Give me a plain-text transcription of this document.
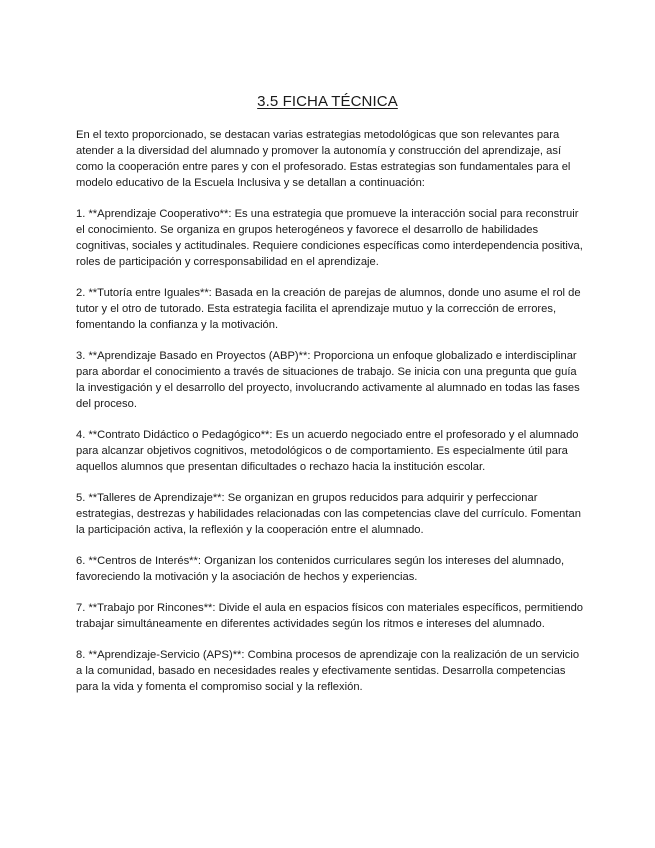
3.5 FICHA TÉCNICA

En el texto proporcionado, se destacan varias estrategias metodológicas que son relevantes para atender a la diversidad del alumnado y promover la autonomía y construcción del aprendizaje, así como la cooperación entre pares y con el profesorado. Estas estrategias son fundamentales para el modelo educativo de la Escuela Inclusiva y se detallan a continuación:

1. **Aprendizaje Cooperativo**: Es una estrategia que promueve la interacción social para reconstruir el conocimiento. Se organiza en grupos heterogéneos y favorece el desarrollo de habilidades cognitivas, sociales y actitudinales. Requiere condiciones específicas como interdependencia positiva, roles de participación y corresponsabilidad en el aprendizaje.

2. **Tutoría entre Iguales**: Basada en la creación de parejas de alumnos, donde uno asume el rol de tutor y el otro de tutorado. Esta estrategia facilita el aprendizaje mutuo y la corrección de errores, fomentando la confianza y la motivación.

3. **Aprendizaje Basado en Proyectos (ABP)**: Proporciona un enfoque globalizado e interdisciplinar para abordar el conocimiento a través de situaciones de trabajo. Se inicia con una pregunta que guía la investigación y el desarrollo del proyecto, involucrando activamente al alumnado en todas las fases del proceso.

4. **Contrato Didáctico o Pedagógico**: Es un acuerdo negociado entre el profesorado y el alumnado para alcanzar objetivos cognitivos, metodológicos o de comportamiento. Es especialmente útil para aquellos alumnos que presentan dificultades o rechazo hacia la institución escolar.

5. **Talleres de Aprendizaje**: Se organizan en grupos reducidos para adquirir y perfeccionar estrategias, destrezas y habilidades relacionadas con las competencias clave del currículo. Fomentan la participación activa, la reflexión y la cooperación entre el alumnado.

6. **Centros de Interés**: Organizan los contenidos curriculares según los intereses del alumnado, favoreciendo la motivación y la asociación de hechos y experiencias.

7. **Trabajo por Rincones**: Divide el aula en espacios físicos con materiales específicos, permitiendo trabajar simultáneamente en diferentes actividades según los ritmos e intereses del alumnado.

8. **Aprendizaje-Servicio (APS)**: Combina procesos de aprendizaje con la realización de un servicio a la comunidad, basado en necesidades reales y efectivamente sentidas. Desarrolla competencias para la vida y fomenta el compromiso social y la reflexión.
